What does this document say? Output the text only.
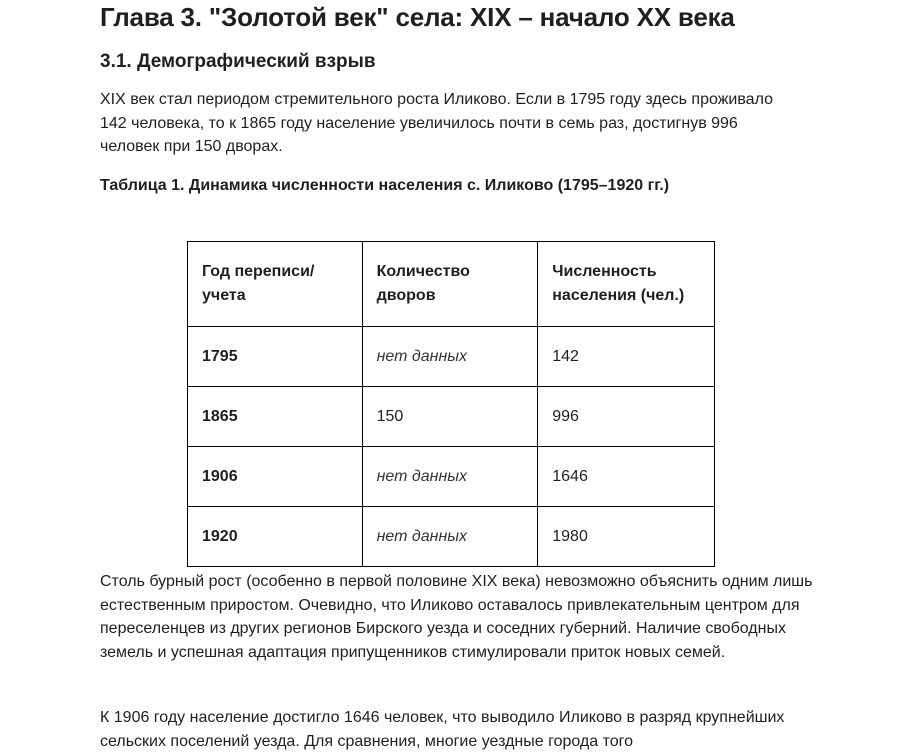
Глава 3. "Золотой век" села: XIX – начало XX века
3.1. Демографический взрыв

XIX век стал периодом стремительного роста Иликово. Если в 1795 году здесь проживало 142 человека, то к 1865 году население увеличилось почти в семь раз, достигнув 996 человек при 150 дворах.

Таблица 1. Динамика численности населения с. Иликово (1795–1920 гг.)

Год переписи/учета	Количество дворов	Численность населения (чел.)
1795	нет данных	142
1865	150	996
1906	нет данных	1646
1920	нет данных	1980

Столь бурный рост (особенно в первой половине XIX века) невозможно объяснить одним лишь естественным приростом. Очевидно, что Иликово оставалось привлекательным центром для переселенцев из других регионов Бирского уезда и соседних губерний. Наличие свободных земель и успешная адаптация припущенников стимулировали приток новых семей.

К 1906 году население достигло 1646 человек, что выводило Иликово в разряд крупнейших сельских поселений уезда. Для сравнения, многие уездные города того
